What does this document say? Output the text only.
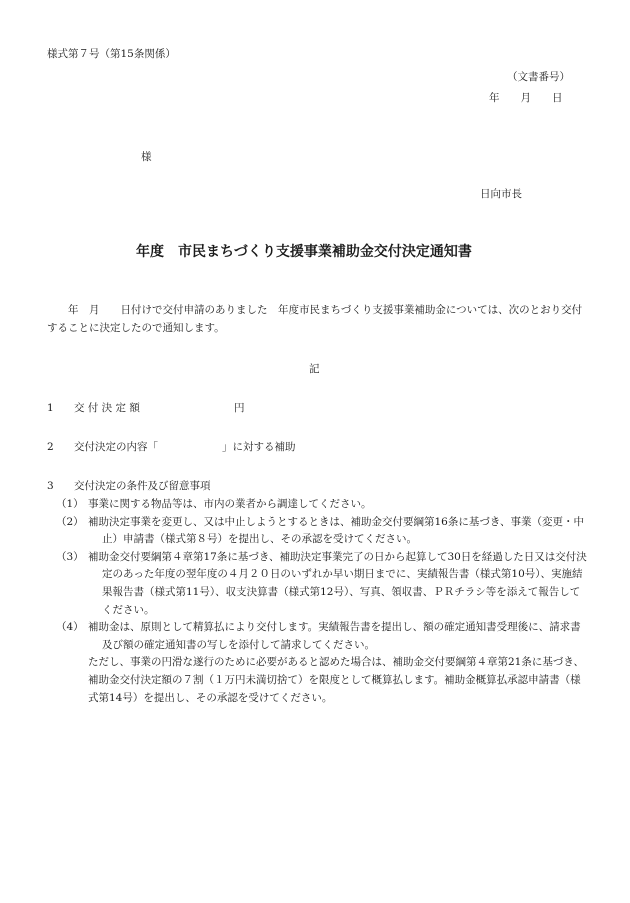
様式第７号（第15条関係）
（文書番号）
年　　月　　日
様
日向市長
年度　市民まちづくり支援事業補助金交付決定通知書
　　年　月　　日付けで交付申請のありました　年度市民まちづくり支援事業補助金については、次のとおり交付することに決定したので通知します。
記
1 交 付 決 定 額	円
2 交付決定の内容「	」に対する補助
3 交付決定の条件及び留意事項
（1） 事業に関する物品等は、市内の業者から調達してください。
（2） 補助決定事業を変更し、又は中止しようとするときは、補助金交付要綱第16条に基づき、事業（変更・中止）申請書（様式第８号）を提出し、その承認を受けてください。
（3） 補助金交付要綱第４章第17条に基づき、補助決定事業完了の日から起算して30日を経過した日又は交付決定のあった年度の翌年度の４月２０日のいずれか早い期日までに、実績報告書（様式第10号）、実施結果報告書（様式第11号）、収支決算書（様式第12号）、写真、領収書、ＰＲチラシ等を添えて報告してください。
（4） 補助金は、原則として精算払により交付します。実績報告書を提出し、額の確定通知書受理後に、請求書及び額の確定通知書の写しを添付して請求してください。
ただし、事業の円滑な遂行のために必要があると認めた場合は、補助金交付要綱第４章第21条に基づき、補助金交付決定額の７割（１万円未満切捨て）を限度として概算払します。補助金概算払承認申請書（様式第14号）を提出し、その承認を受けてください。
